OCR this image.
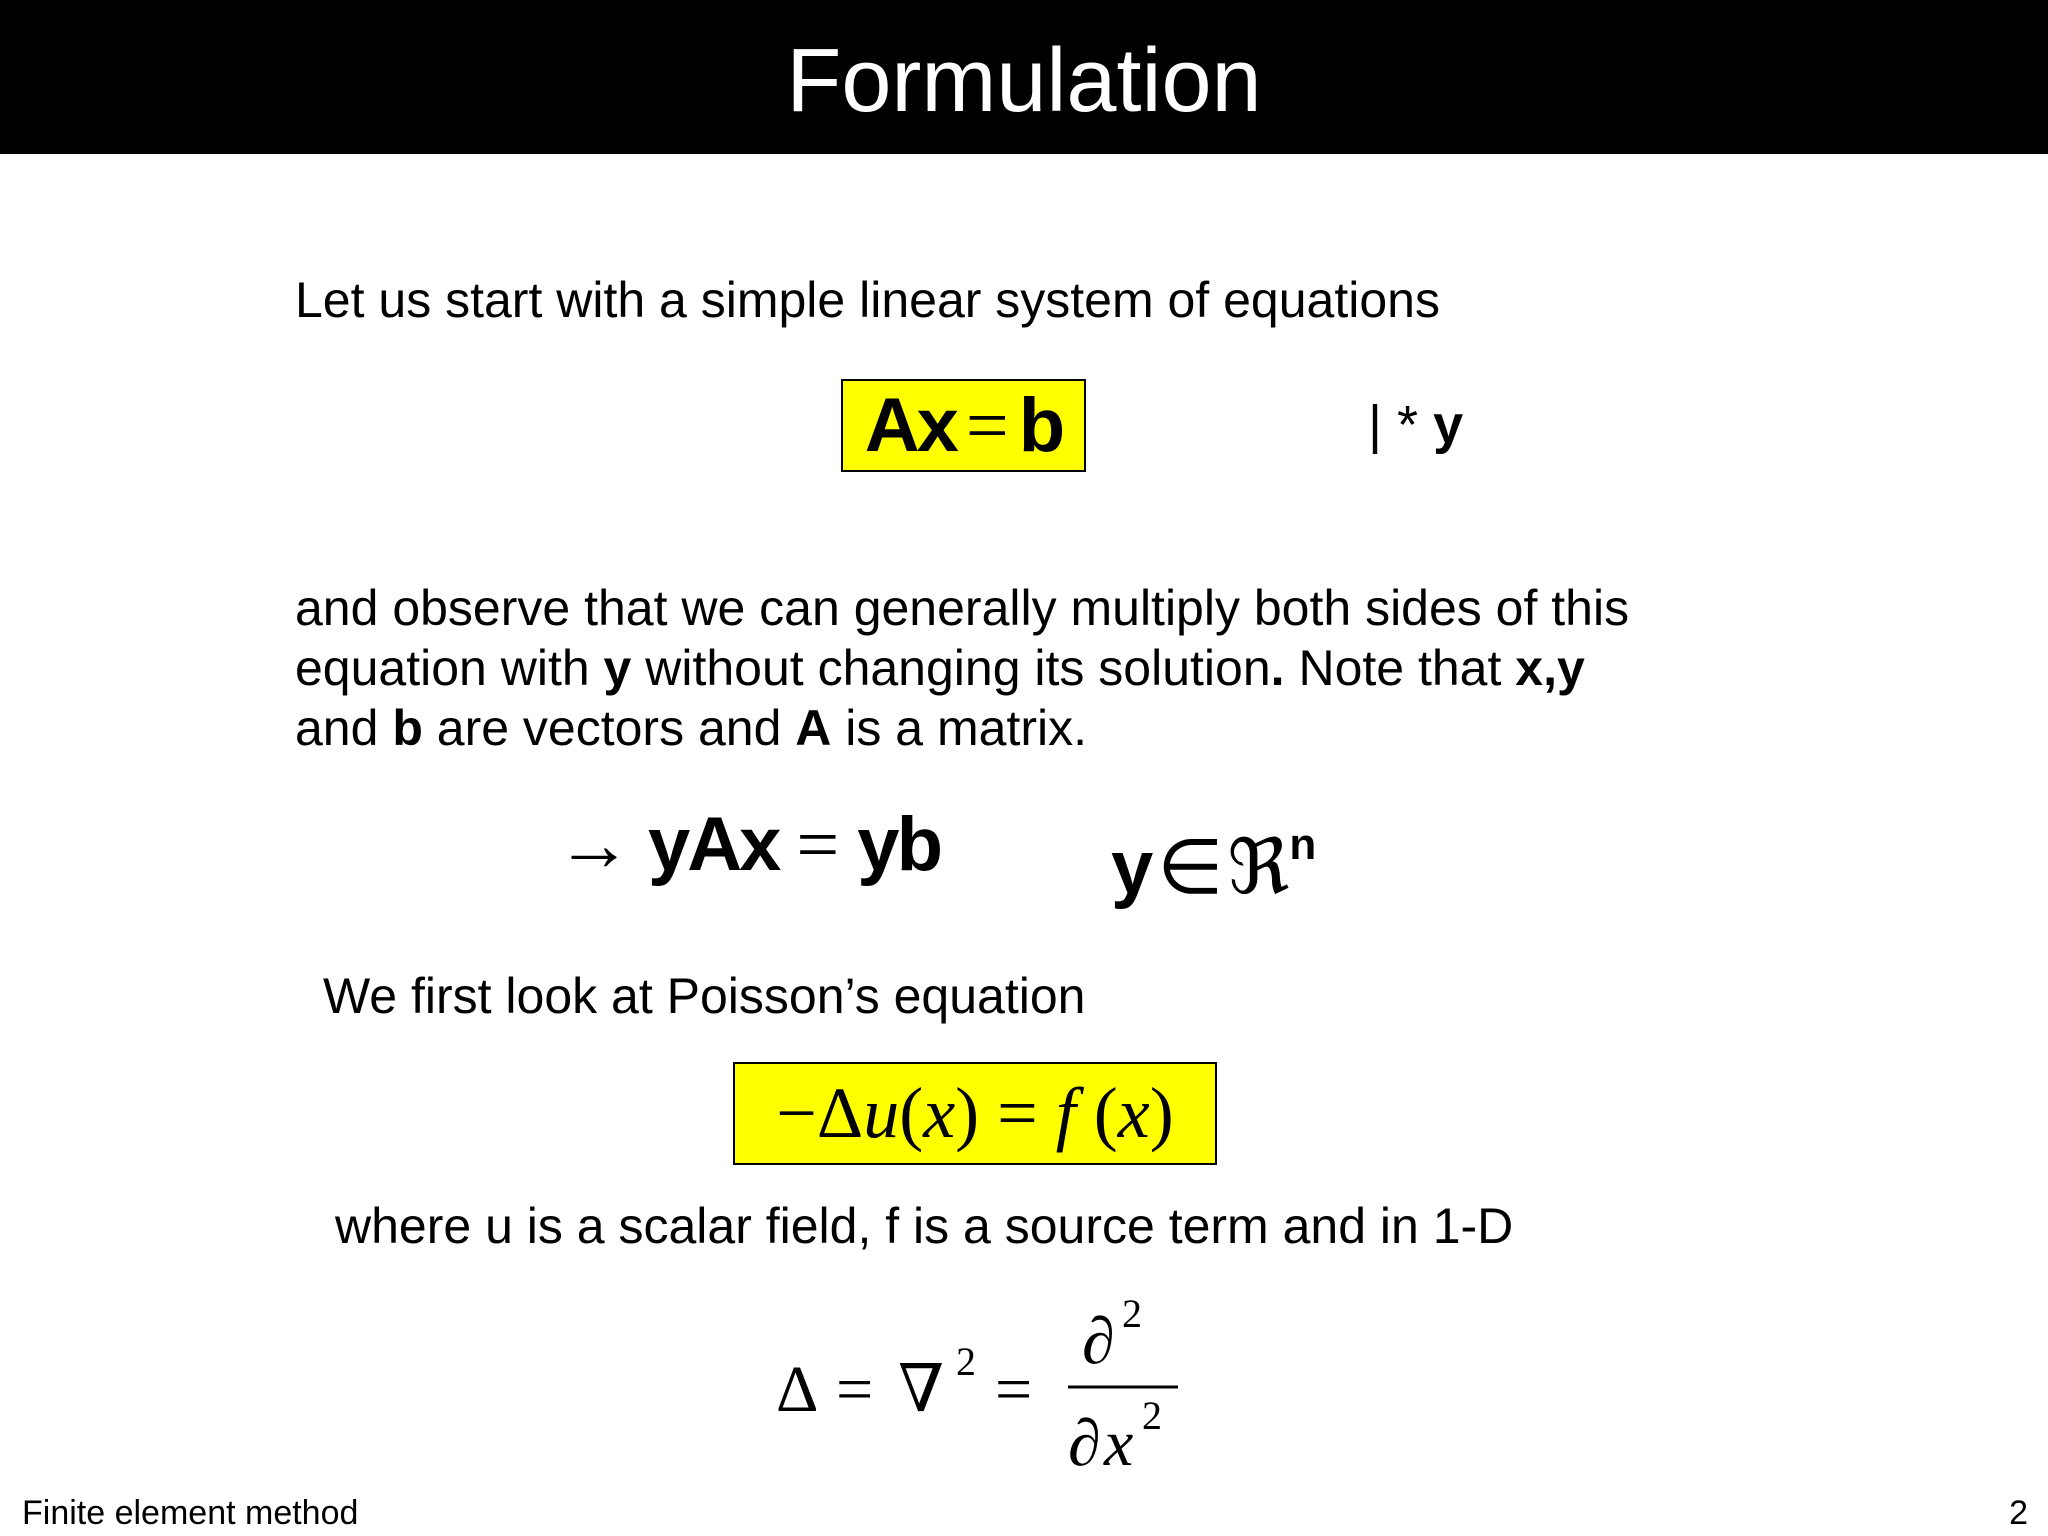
Formulation
Let us start with a simple linear system of equations
Ax = b	| * y
and observe that we can generally multiply both sides of this
equation with y without changing its solution. Note that x,y
and b are vectors and A is a matrix.
→ yAx = yb y∈ℜ$^n$
We first look at Poisson’s equation
−Δu(x) = f (x)
where u is a scalar field, f is a source term and in 1-D
Δ = ∇ 2 =
∂ 2
∂ x 2
Finite element method	2
